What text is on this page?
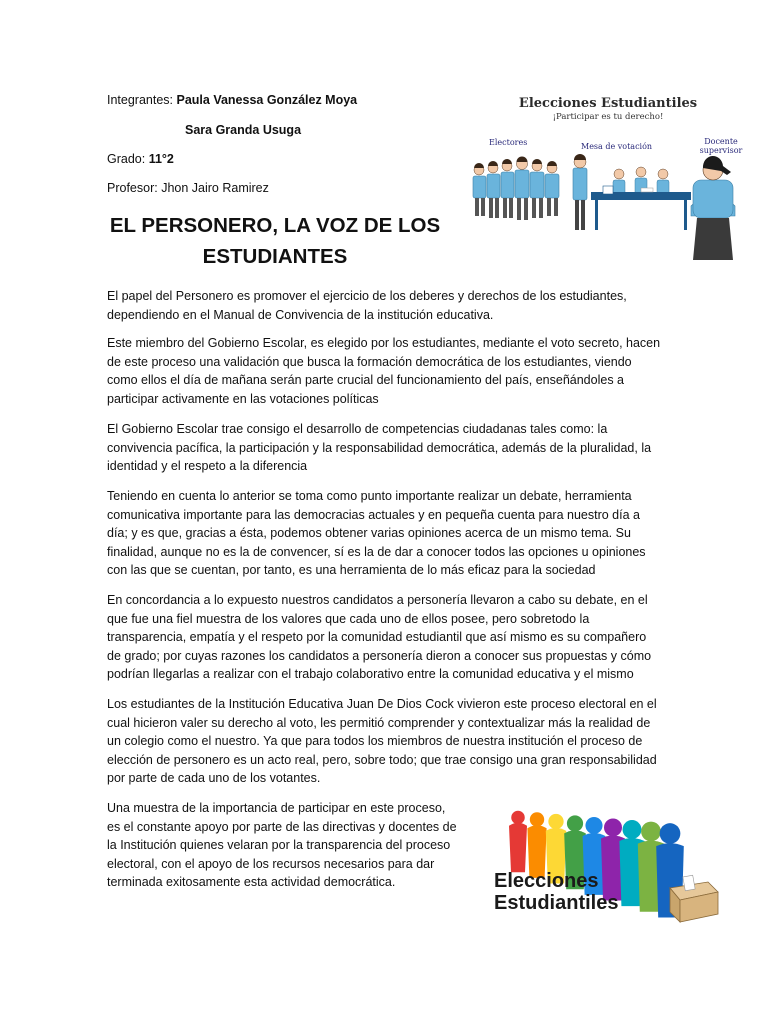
Integrantes: Paula Vanessa González Moya
Sara Granda Usuga
Grado: 11°2
Profesor: Jhon Jairo Ramirez
EL PERSONERO, LA VOZ DE LOS
ESTUDIANTES

El papel del Personero es promover el ejercicio de los deberes y derechos de los estudiantes, dependiendo en el Manual de Convivencia de la institución educativa.

Este miembro del Gobierno Escolar, es elegido por los estudiantes, mediante el voto secreto, hacen de este proceso una validación que busca la formación democrática de los estudiantes, viendo como ellos el día de mañana serán parte crucial del funcionamiento del país, enseñándoles a participar activamente en las votaciones políticas

El Gobierno Escolar trae consigo el desarrollo de competencias ciudadanas tales como: la convivencia pacífica, la participación y la responsabilidad democrática, además de la pluralidad, la identidad y el respeto a la diferencia

Teniendo en cuenta lo anterior se toma como punto importante realizar un debate, herramienta comunicativa importante para las democracias actuales y en pequeña cuenta para nuestro día a día; y es que, gracias a ésta, podemos obtener varias opiniones acerca de un mismo tema. Su finalidad, aunque no es la de convencer, sí es la de dar a conocer todos las opciones u opiniones con las que se cuentan, por tanto, es una herramienta de lo más eficaz para la sociedad

En concordancia a lo expuesto nuestros candidatos a personería llevaron a cabo su debate, en el que fue una fiel muestra de los valores que cada uno de ellos posee, pero sobretodo la transparencia, empatía y el respeto por la comunidad estudiantil que así mismo es su compañero de grado; por cuyas razones los candidatos a personería dieron a conocer sus propuestas y cómo podrían llegarlas a realizar con el trabajo colaborativo entre la comunidad educativa y el mismo

Los estudiantes de la Institución Educativa Juan De Dios Cock vivieron este proceso electoral en el cual hicieron valer su derecho al voto, les permitió comprender y contextualizar más la realidad de un colegio como el nuestro. Ya que para todos los miembros de nuestra institución el proceso de elección de personero es un acto real, pero, sobre todo; que trae consigo una gran responsabilidad por parte de cada uno de los votantes.

Una muestra de la importancia de participar en este proceso, es el constante apoyo por parte de las directivas y docentes de la Institución quienes velaran por la transparencia del proceso electoral, con el apoyo de los recursos necesarios para dar terminada exitosamente esta actividad democrática.

Elecciones Estudiantiles
¡Participar es tu derecho!
Electores	Mesa de votación
Docente supervisor
Elecciones
Estudiantiles
